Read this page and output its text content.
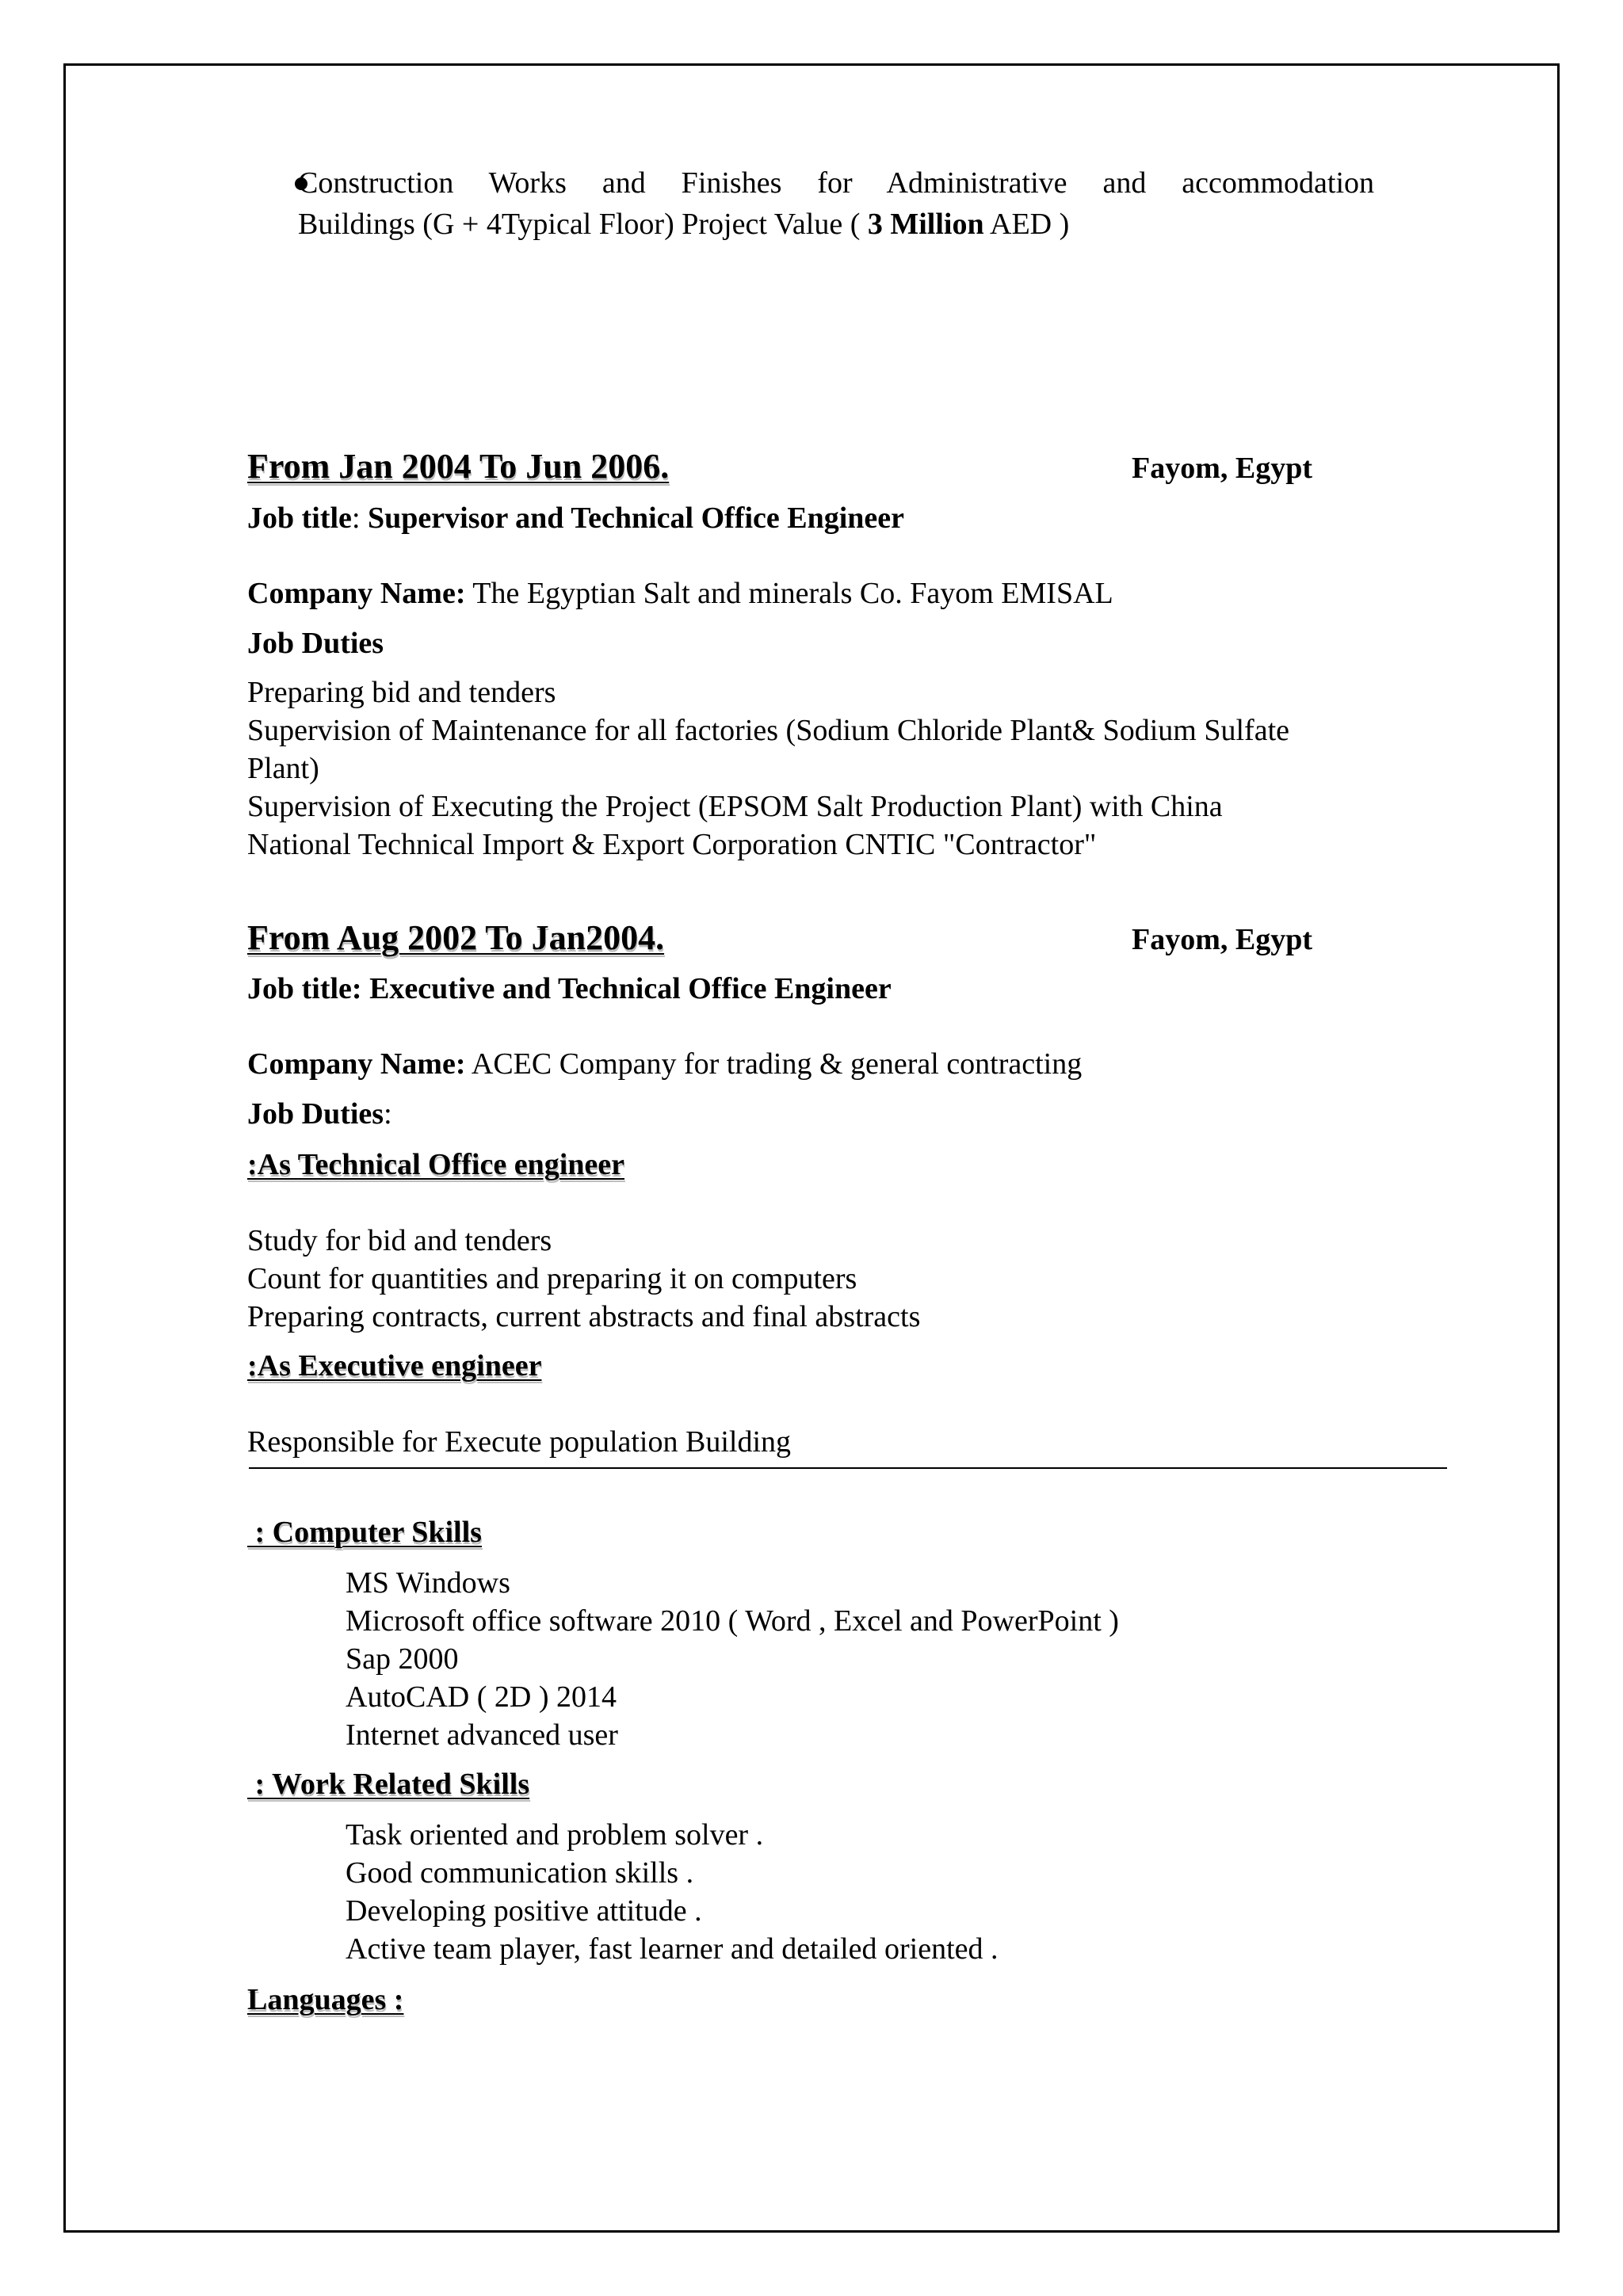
Construction Works and Finishes for Administrative and accommodation
Buildings (G + 4Typical Floor) Project Value ( 3 Million AED )
From Jan 2004 To Jun 2006.	Fayom, Egypt
Job title: Supervisor and Technical Office Engineer
Company Name: The Egyptian Salt and minerals Co. Fayom EMISAL
Job Duties
Preparing bid and tenders
Supervision of Maintenance for all factories (Sodium Chloride Plant& Sodium Sulfate
Plant)
Supervision of Executing the Project (EPSOM Salt Production Plant) with China
National Technical Import & Export Corporation CNTIC "Contractor"
From Aug 2002 To Jan2004.	Fayom, Egypt
Job title: Executive and Technical Office Engineer
Company Name: ACEC Company for trading & general contracting
Job Duties:
:As Technical Office engineer
Study for bid and tenders
Count for quantities and preparing it on computers
Preparing contracts, current abstracts and final abstracts
:As Executive engineer
Responsible for Execute population Building
: Computer Skills
MS Windows
Microsoft office software 2010 ( Word , Excel and PowerPoint )
Sap 2000
AutoCAD ( 2D ) 2014
Internet advanced user
: Work Related Skills
Task oriented and problem solver .
Good communication skills .
Developing positive attitude .
Active team player, fast learner and detailed oriented .
Languages :
